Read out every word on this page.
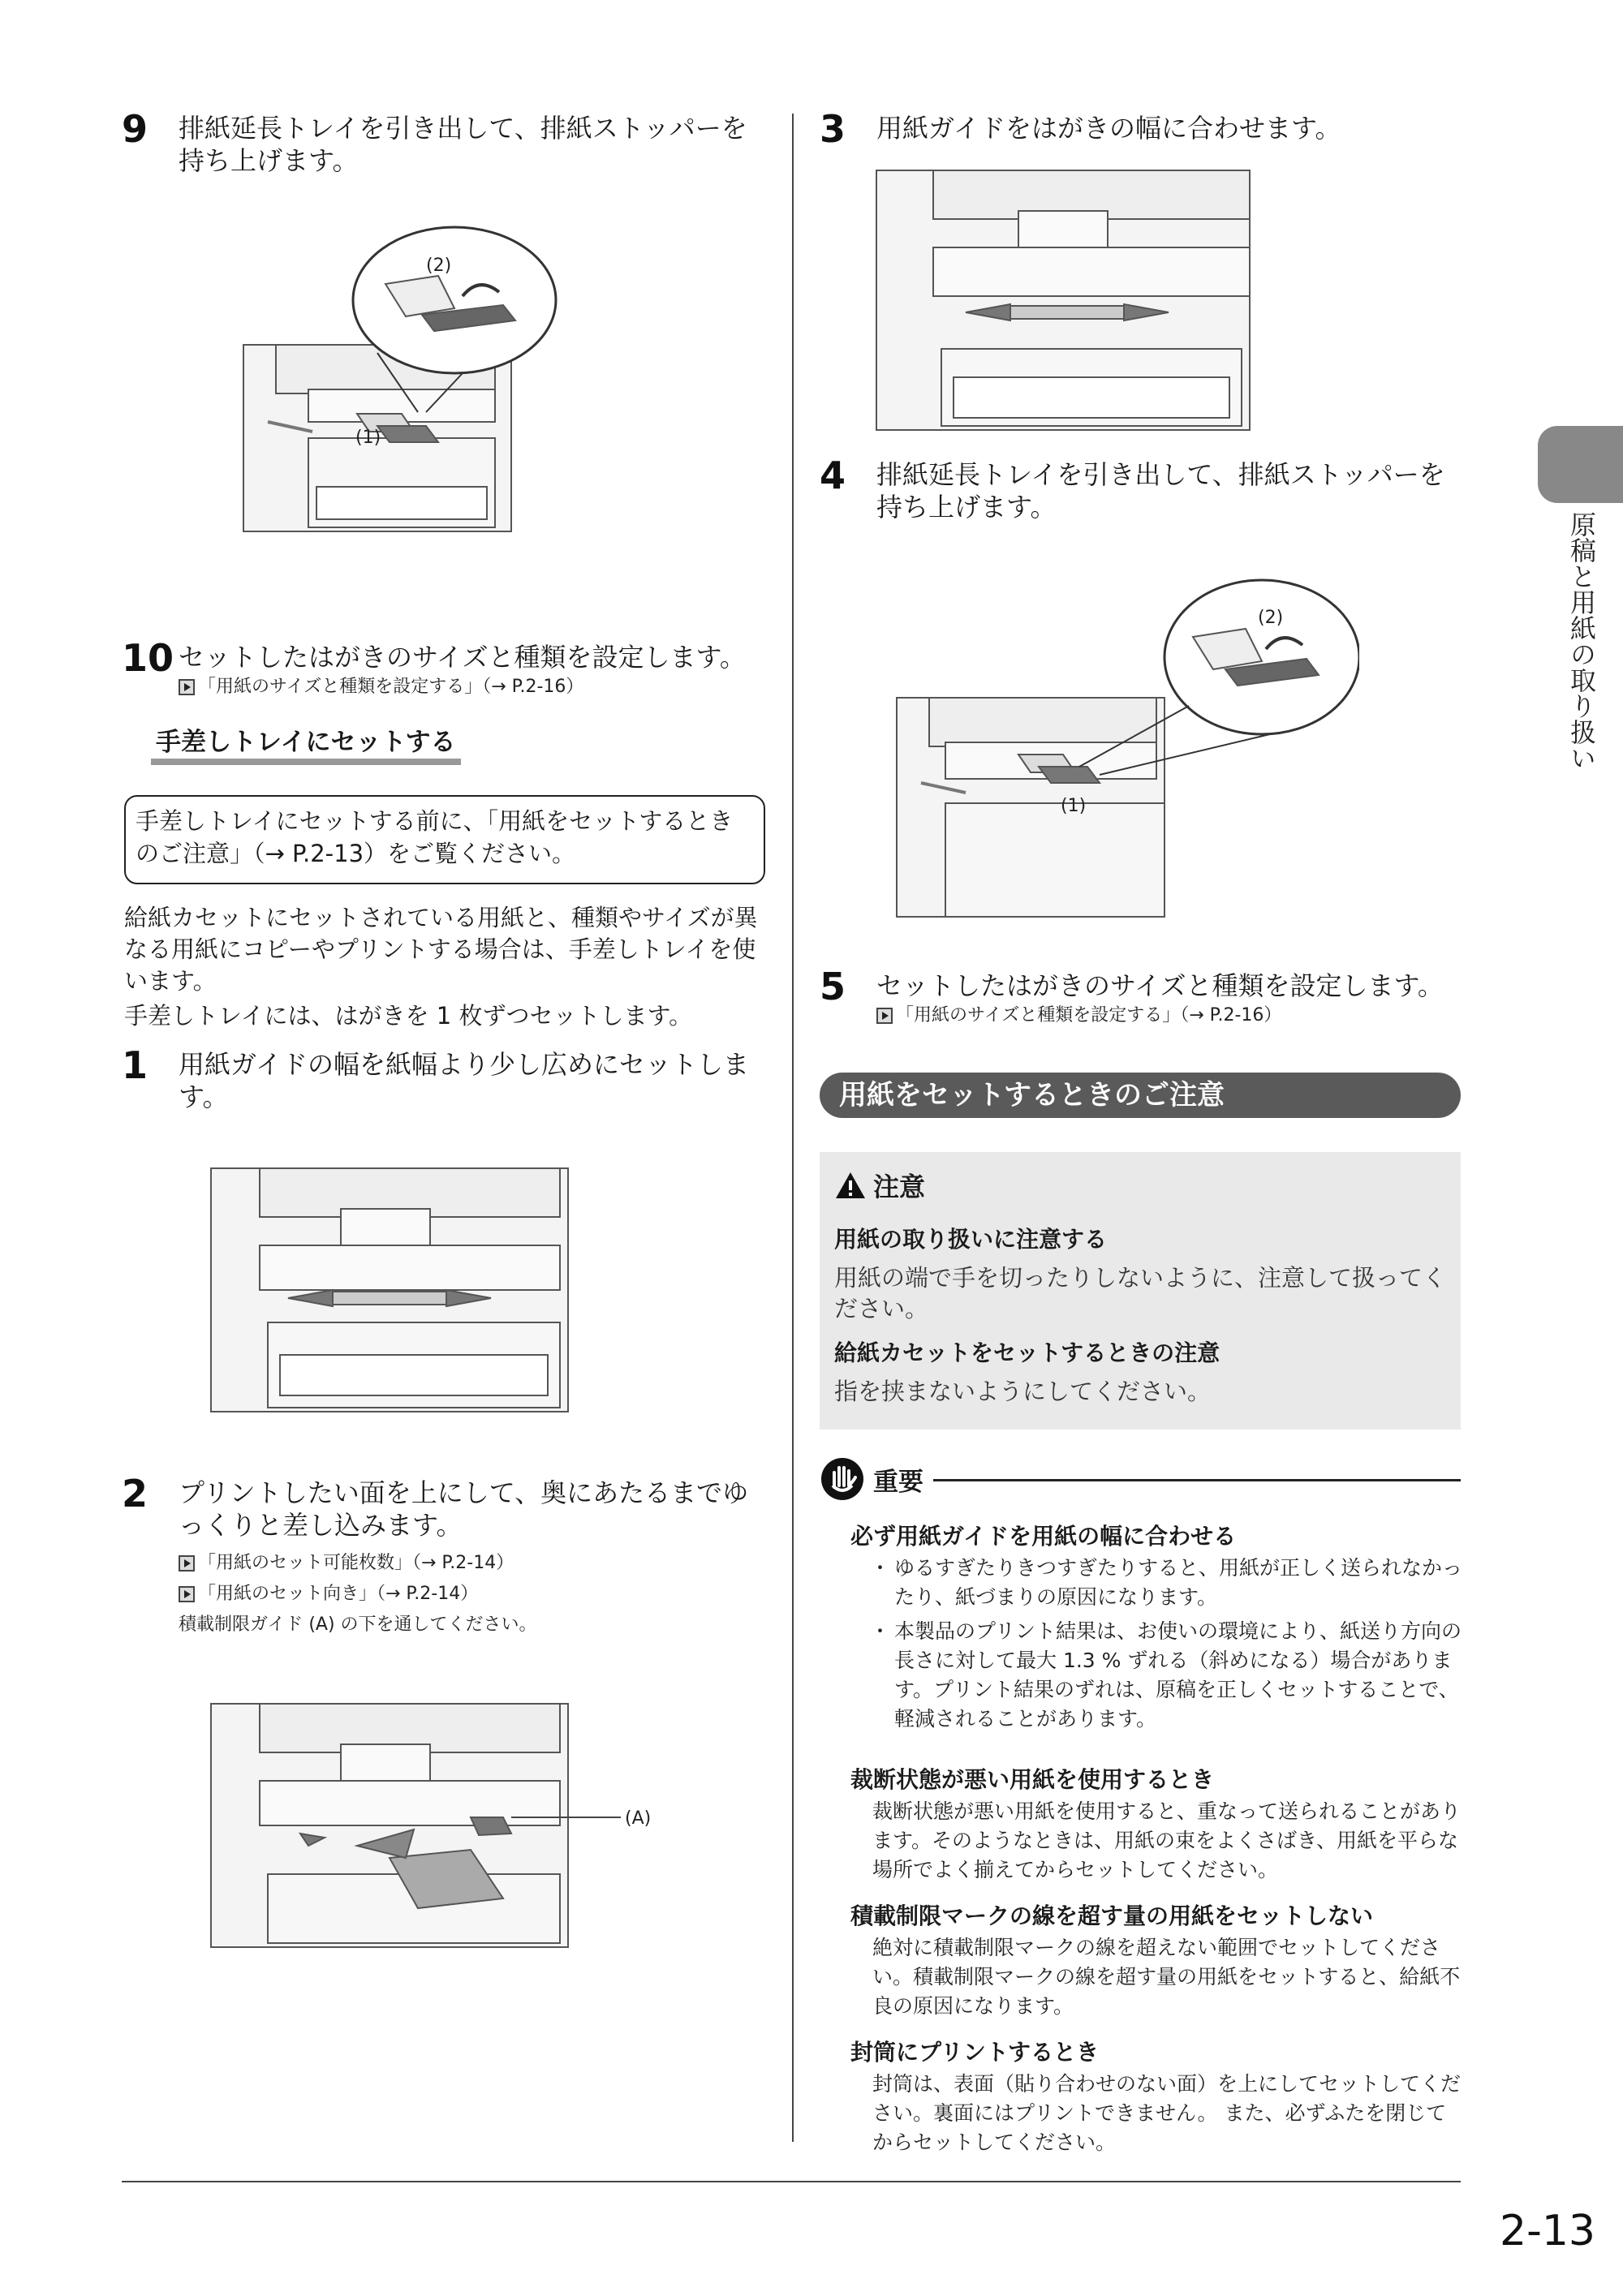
原稿と用紙の取り扱い
2-13
9 排紙延長トレイを引き出して、排紙ストッパーを持ち上げます。
(2)
(1)
10 セットしたはがきのサイズと種類を設定します。
「用紙のサイズと種類を設定する」（→ P.2-16）
手差しトレイにセットする
手差しトレイにセットする前に、「用紙をセットするときのご注意」（→ P.2-13）をご覧ください。
給紙カセットにセットされている用紙と、種類やサイズが異なる用紙にコピーやプリントする場合は、手差しトレイを使います。
手差しトレイには、はがきを 1 枚ずつセットします。
1 用紙ガイドの幅を紙幅より少し広めにセットします。
2 プリントしたい面を上にして、奥にあたるまでゆっくりと差し込みます。
「用紙のセット可能枚数」（→ P.2-14）
「用紙のセット向き」（→ P.2-14）
積載制限ガイド (A) の下を通してください。
(A)
3 用紙ガイドをはがきの幅に合わせます。
4 排紙延長トレイを引き出して、排紙ストッパーを持ち上げます。
(2)
(1)
5 セットしたはがきのサイズと種類を設定します。
「用紙のサイズと種類を設定する」（→ P.2-16）
用紙をセットするときのご注意
注意
用紙の取り扱いに注意する
用紙の端で手を切ったりしないように、注意して扱ってください。
給紙カセットをセットするときの注意
指を挟まないようにしてください。
重要
必ず用紙ガイドを用紙の幅に合わせる
・ ゆるすぎたりきつすぎたりすると、用紙が正しく送られなかったり、紙づまりの原因になります。
・ 本製品のプリント結果は、お使いの環境により、紙送り方向の長さに対して最大 1.3 % ずれる（斜めになる）場合があります。プリント結果のずれは、原稿を正しくセットすることで、軽減されることがあります。
裁断状態が悪い用紙を使用するとき
裁断状態が悪い用紙を使用すると、重なって送られることがあります。そのようなときは、用紙の束をよくさばき、用紙を平らな場所でよく揃えてからセットしてください。
積載制限マークの線を超す量の用紙をセットしない
絶対に積載制限マークの線を超えない範囲でセットしてください。積載制限マークの線を超す量の用紙をセットすると、給紙不良の原因になります。
封筒にプリントするとき
封筒は、表面（貼り合わせのない面）を上にしてセットしてください。裏面にはプリントできません。 また、必ずふたを閉じてからセットしてください。
